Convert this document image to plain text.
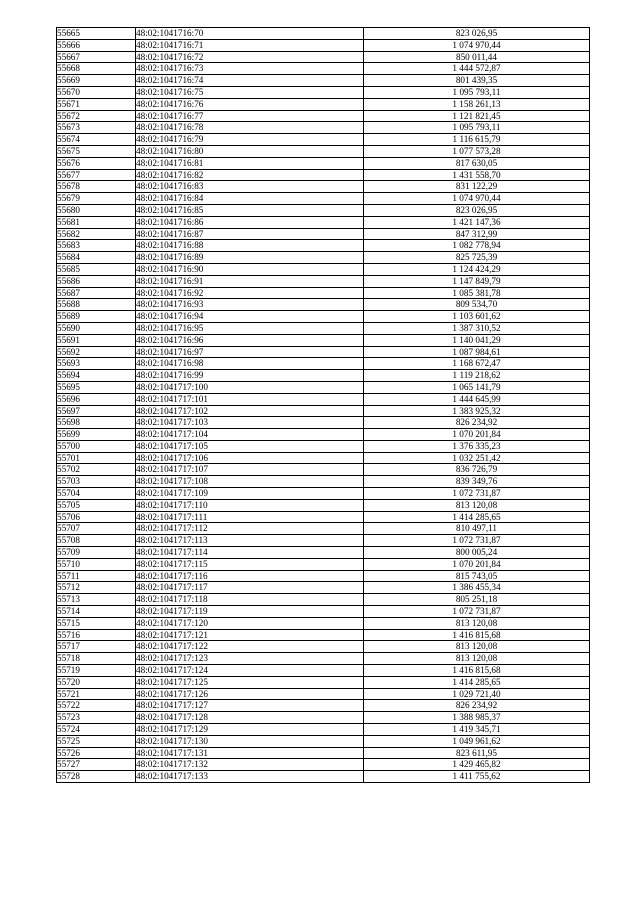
55665	48:02:1041716:70	823 026,95
55666	48:02:1041716:71	1 074 970,44
55667	48:02:1041716:72	850 011,44
55668	48:02:1041716:73	1 444 572,87
55669	48:02:1041716:74	801 439,35
55670	48:02:1041716:75	1 095 793,11
55671	48:02:1041716:76	1 158 261,13
55672	48:02:1041716:77	1 121 821,45
55673	48:02:1041716:78	1 095 793,11
55674	48:02:1041716:79	1 116 615,79
55675	48:02:1041716:80	1 077 573,28
55676	48:02:1041716:81	817 630,05
55677	48:02:1041716:82	1 431 558,70
55678	48:02:1041716:83	831 122,29
55679	48:02:1041716:84	1 074 970,44
55680	48:02:1041716:85	823 026,95
55681	48:02:1041716:86	1 421 147,36
55682	48:02:1041716:87	847 312,99
55683	48:02:1041716:88	1 082 778,94
55684	48:02:1041716:89	825 725,39
55685	48:02:1041716:90	1 124 424,29
55686	48:02:1041716:91	1 147 849,79
55687	48:02:1041716:92	1 085 381,78
55688	48:02:1041716:93	809 534,70
55689	48:02:1041716:94	1 103 601,62
55690	48:02:1041716:95	1 387 310,52
55691	48:02:1041716:96	1 140 041,29
55692	48:02:1041716:97	1 087 984,61
55693	48:02:1041716:98	1 168 672,47
55694	48:02:1041716:99	1 119 218,62
55695	48:02:1041717:100	1 065 141,79
55696	48:02:1041717:101	1 444 645,99
55697	48:02:1041717:102	1 383 925,32
55698	48:02:1041717:103	826 234,92
55699	48:02:1041717:104	1 070 201,84
55700	48:02:1041717:105	1 376 335,23
55701	48:02:1041717:106	1 032 251,42
55702	48:02:1041717:107	836 726,79
55703	48:02:1041717:108	839 349,76
55704	48:02:1041717:109	1 072 731,87
55705	48:02:1041717:110	813 120,08
55706	48:02:1041717:111	1 414 285,65
55707	48:02:1041717:112	810 497,11
55708	48:02:1041717:113	1 072 731,87
55709	48:02:1041717:114	800 005,24
55710	48:02:1041717:115	1 070 201,84
55711	48:02:1041717:116	815 743,05
55712	48:02:1041717:117	1 386 455,34
55713	48:02:1041717:118	805 251,18
55714	48:02:1041717:119	1 072 731,87
55715	48:02:1041717:120	813 120,08
55716	48:02:1041717:121	1 416 815,68
55717	48:02:1041717:122	813 120,08
55718	48:02:1041717:123	813 120,08
55719	48:02:1041717:124	1 416 815,68
55720	48:02:1041717:125	1 414 285,65
55721	48:02:1041717:126	1 029 721,40
55722	48:02:1041717:127	826 234,92
55723	48:02:1041717:128	1 388 985,37
55724	48:02:1041717:129	1 419 345,71
55725	48:02:1041717:130	1 049 961,62
55726	48:02:1041717:131	823 611,95
55727	48:02:1041717:132	1 429 465,82
55728	48:02:1041717:133	1 411 755,62
